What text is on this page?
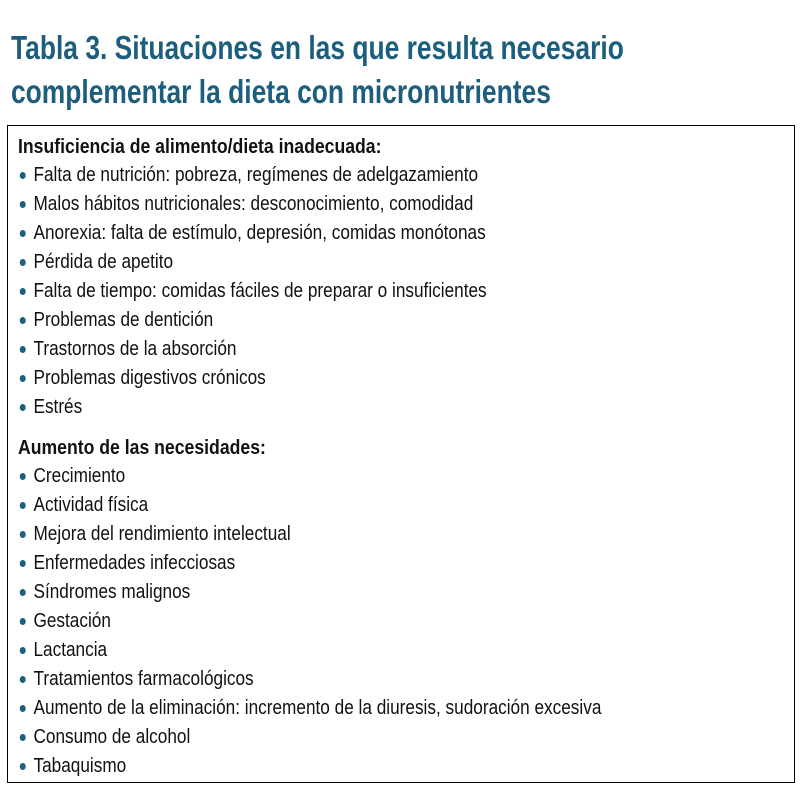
Tabla 3. Situaciones en las que resulta necesario
complementar la dieta con micronutrientes
Insuficiencia de alimento/dieta inadecuada:
Falta de nutrición: pobreza, regímenes de adelgazamiento
Malos hábitos nutricionales: desconocimiento, comodidad
Anorexia: falta de estímulo, depresión, comidas monótonas
Pérdida de apetito
Falta de tiempo: comidas fáciles de preparar o insuficientes
Problemas de dentición
Trastornos de la absorción
Problemas digestivos crónicos
Estrés
Aumento de las necesidades:
Crecimiento
Actividad física
Mejora del rendimiento intelectual
Enfermedades infecciosas
Síndromes malignos
Gestación
Lactancia
Tratamientos farmacológicos
Aumento de la eliminación: incremento de la diuresis, sudoración excesiva
Consumo de alcohol
Tabaquismo
